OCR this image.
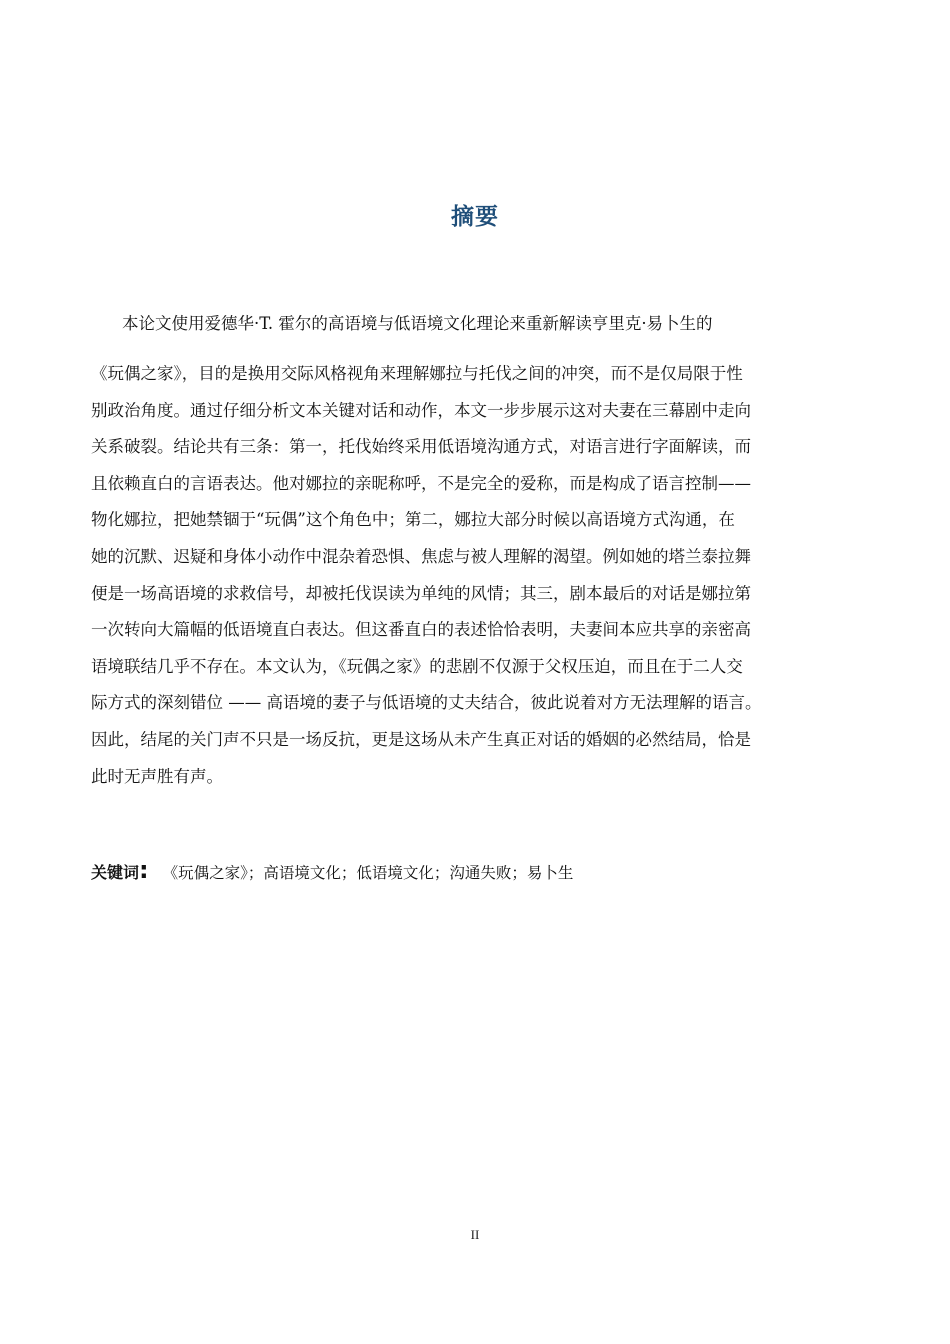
摘要
本论文使用爱德华·T. 霍尔的高语境与低语境文化理论来重新解读亨里克·易卜生的
《玩偶之家》，目的是换用交际风格视角来理解娜拉与托伐之间的冲突，而不是仅局限于性
别政治角度。通过仔细分析文本关键对话和动作，本文一步步展示这对夫妻在三幕剧中走向
关系破裂。结论共有三条：第一，托伐始终采用低语境沟通方式，对语言进行字面解读，而
且依赖直白的言语表达。他对娜拉的亲昵称呼，不是完全的爱称，而是构成了语言控制——
物化娜拉，把她禁锢于“玩偶”这个角色中；第二，娜拉大部分时候以高语境方式沟通，在
她的沉默、迟疑和身体小动作中混杂着恐惧、焦虑与被人理解的渴望。例如她的塔兰泰拉舞
便是一场高语境的求救信号，却被托伐误读为单纯的风情；其三，剧本最后的对话是娜拉第
一次转向大篇幅的低语境直白表达。但这番直白的表述恰恰表明，夫妻间本应共享的亲密高
语境联结几乎不存在。本文认为，《玩偶之家》的悲剧不仅源于父权压迫，而且在于二人交
际方式的深刻错位 —— 高语境的妻子与低语境的丈夫结合，彼此说着对方无法理解的语言。
因此，结尾的关门声不只是一场反抗，更是这场从未产生真正对话的婚姻的必然结局，恰是
此时无声胜有声。
关键词: 《玩偶之家》；高语境文化；低语境文化；沟通失败；易卜生
II
